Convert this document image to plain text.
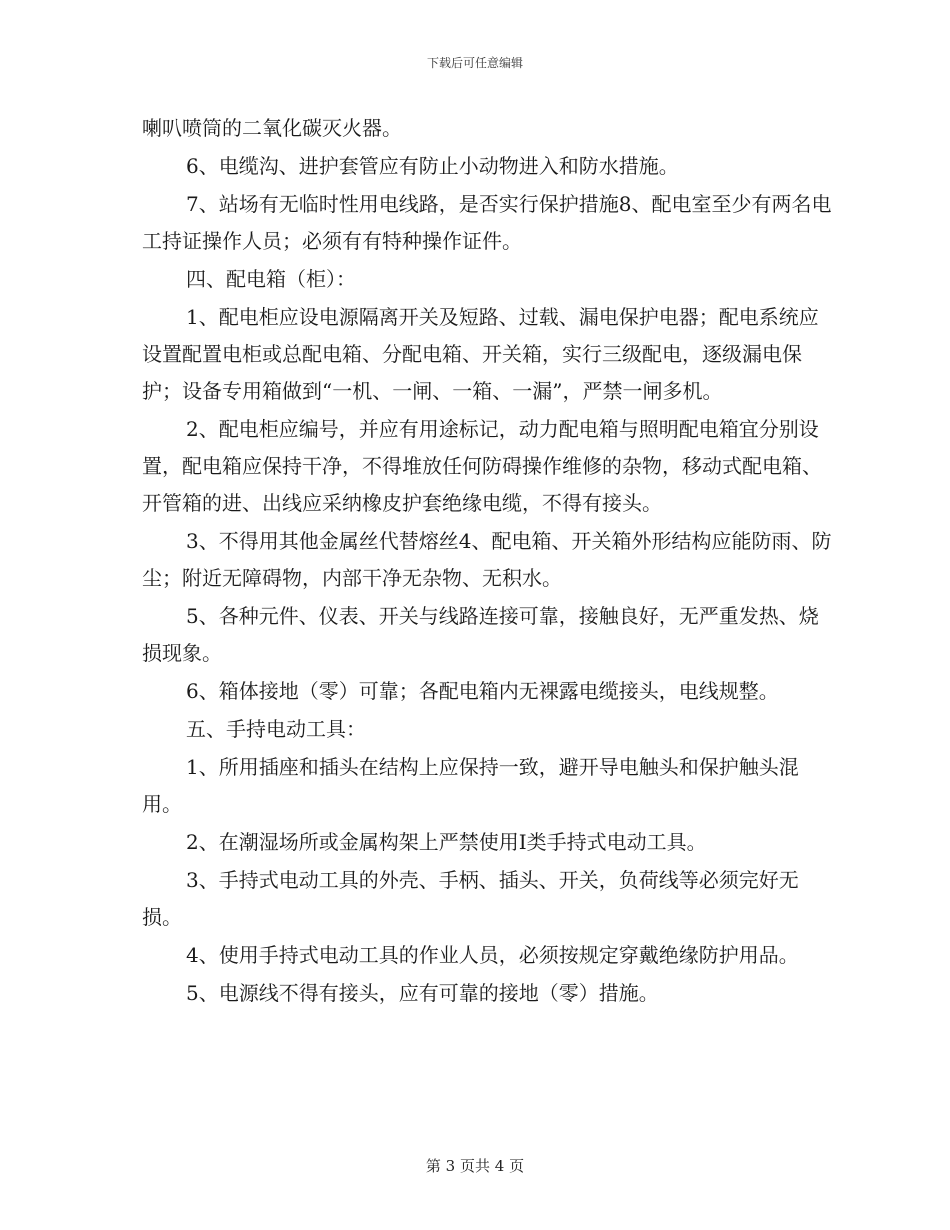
下载后可任意编辑

喇叭喷筒的二氧化碳灭火器。

6、电缆沟、进护套管应有防止小动物进入和防水措施。

7、站场有无临时性用电线路，是否实行保护措施8、配电室至少有两名电工持证操作人员；必须有有特种操作证件。

四、配电箱（柜）：

1、配电柜应设电源隔离开关及短路、过载、漏电保护电器；配电系统应设置配置电柜或总配电箱、分配电箱、开关箱，实行三级配电，逐级漏电保护；设备专用箱做到“一机、一闸、一箱、一漏”，严禁一闸多机。

2、配电柜应编号，并应有用途标记，动力配电箱与照明配电箱宜分别设置，配电箱应保持干净，不得堆放任何防碍操作维修的杂物，移动式配电箱、开管箱的进、出线应采纳橡皮护套绝缘电缆，不得有接头。

3、不得用其他金属丝代替熔丝4、配电箱、开关箱外形结构应能防雨、防尘；附近无障碍物，内部干净无杂物、无积水。

5、各种元件、仪表、开关与线路连接可靠，接触良好，无严重发热、烧损现象。

6、箱体接地（零）可靠；各配电箱内无裸露电缆接头，电线规整。

五、手持电动工具：

1、所用插座和插头在结构上应保持一致，避开导电触头和保护触头混用。

2、在潮湿场所或金属构架上严禁使用Ⅰ类手持式电动工具。

3、手持式电动工具的外壳、手柄、插头、开关，负荷线等必须完好无损。

4、使用手持式电动工具的作业人员，必须按规定穿戴绝缘防护用品。

5、电源线不得有接头，应有可靠的接地（零）措施。

第 3 页共 4 页
